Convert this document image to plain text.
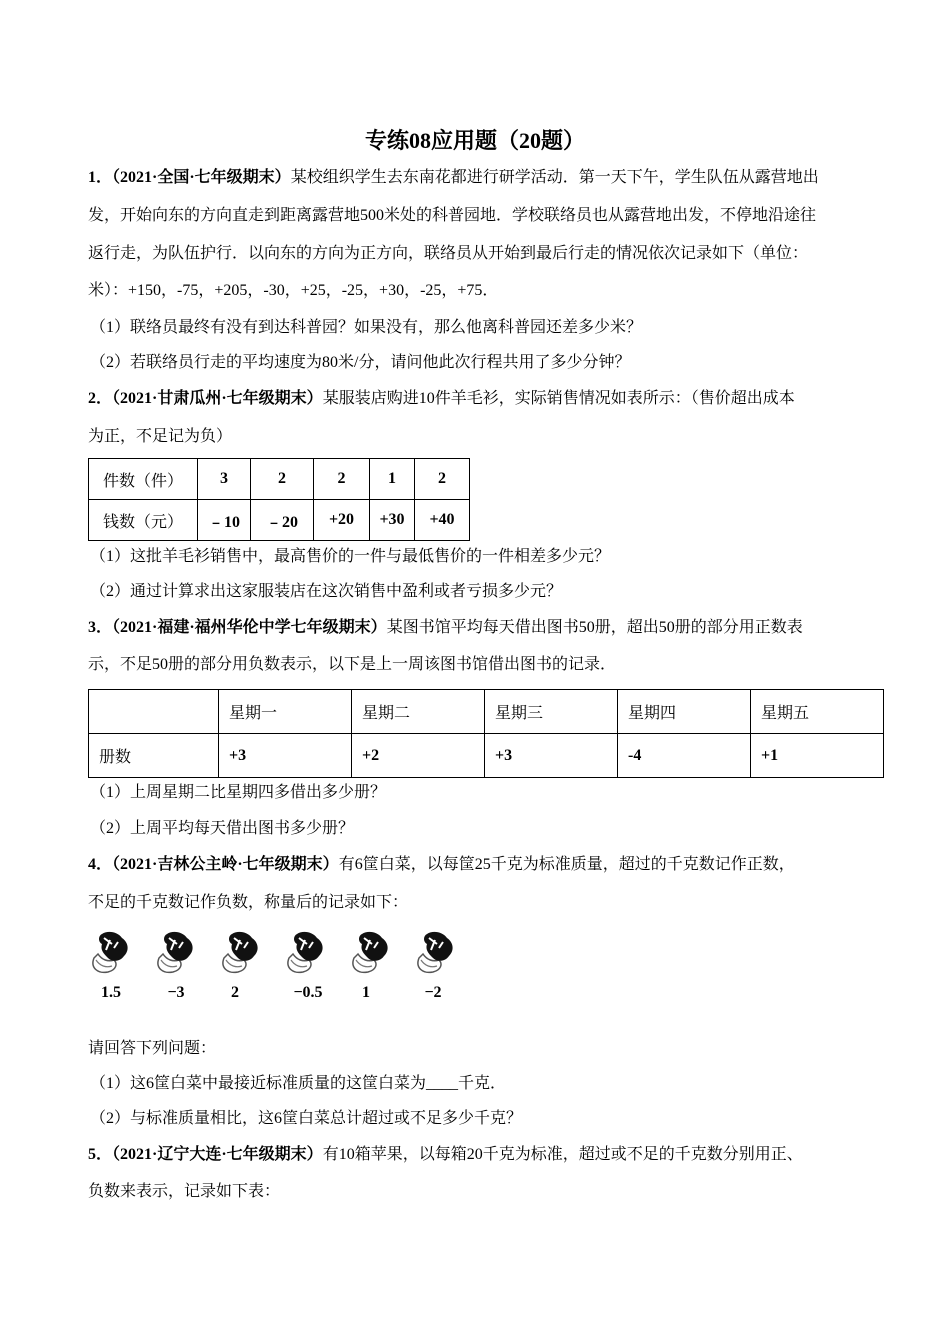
专练08应用题（20题）
1．（2021·全国·七年级期末）某校组织学生去东南花都进行研学活动．第一天下午，学生队伍从露营地出
发，开始向东的方向直走到距离露营地500米处的科普园地．学校联络员也从露营地出发，不停地沿途往
返行走，为队伍护行．以向东的方向为正方向，联络员从开始到最后行走的情况依次记录如下（单位：
米）：+150，-75，+205，-30，+25，-25，+30，-25，+75．
（1）联络员最终有没有到达科普园？如果没有，那么他离科普园还差多少米？
（2）若联络员行走的平均速度为80米/分，请问他此次行程共用了多少分钟？
2．（2021·甘肃瓜州·七年级期末）某服装店购进10件羊毛衫，实际销售情况如表所示：（售价超出成本
为正，不足记为负）
件数（件）	3	2	2	1	2
钱数（元）	﹣10	﹣20	+20	+30	+40
（1）这批羊毛衫销售中，最高售价的一件与最低售价的一件相差多少元？
（2）通过计算求出这家服装店在这次销售中盈利或者亏损多少元？
3．（2021·福建·福州华伦中学七年级期末）某图书馆平均每天借出图书50册，超出50册的部分用正数表
示，不足50册的部分用负数表示，以下是上一周该图书馆借出图书的记录．
	星期一	星期二	星期三	星期四	星期五
册数	+3	+2	+3	-4	+1
（1）上周星期二比星期四多借出多少册？
（2）上周平均每天借出图书多少册？
4．（2021·吉林公主岭·七年级期末）有6筐白菜，以每筐25千克为标准质量，超过的千克数记作正数，
不足的千克数记作负数，称量后的记录如下：
1.5	−3	2	−0.5	1	−2
请回答下列问题：
（1）这6筐白菜中最接近标准质量的这筐白菜为____千克．
（2）与标准质量相比，这6筐白菜总计超过或不足多少千克？
5．（2021·辽宁大连·七年级期末）有10箱苹果，以每箱20千克为标准，超过或不足的千克数分别用正、
负数来表示，记录如下表：
